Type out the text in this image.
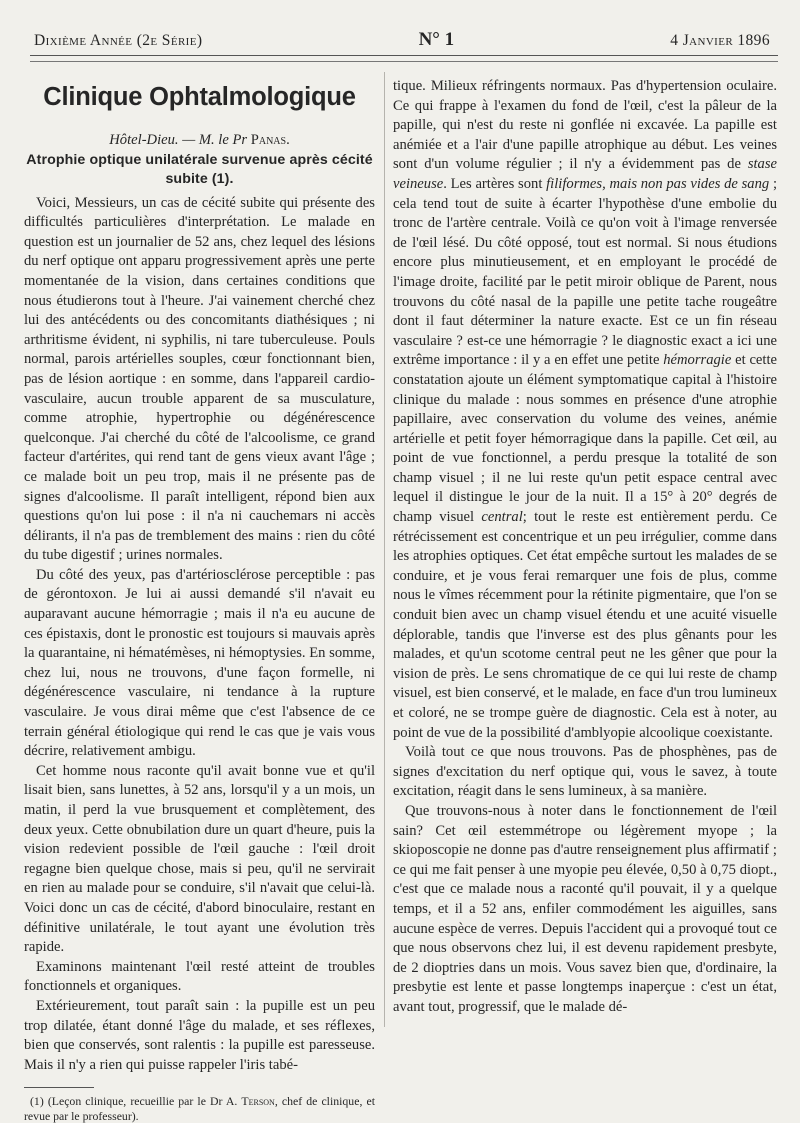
Dixième Année (2e Série)	N° 1	4 Janvier 1896
Clinique Ophtalmologique

Hôtel-Dieu. — M. le Pr Panas.

Atrophie optique unilatérale survenue après cécité subite (1).

Voici, Messieurs, un cas de cécité subite qui présente des difficultés particulières d'interprétation. Le malade en question est un journalier de 52 ans, chez lequel des lésions du nerf optique ont apparu progressivement après une perte momentanée de la vision, dans certaines conditions que nous étudierons tout à l'heure. J'ai vainement cherché chez lui des antécédents ou des concomitants diathésiques ; ni arthritisme évident, ni syphilis, ni tare tuberculeuse. Pouls normal, parois artérielles souples, cœur fonctionnant bien, pas de lésion aortique : en somme, dans l'appareil cardio-vasculaire, aucun trouble apparent de sa musculature, comme atrophie, hypertrophie ou dégénérescence quelconque. J'ai cherché du côté de l'alcoolisme, ce grand facteur d'artérites, qui rend tant de gens vieux avant l'âge ; ce malade boit un peu trop, mais il ne présente pas de signes d'alcoolisme. Il paraît intelligent, répond bien aux questions qu'on lui pose : il n'a ni cauchemars ni accès délirants, il n'a pas de tremblement des mains : rien du côté du tube digestif ; urines normales.

Du côté des yeux, pas d'artériosclérose perceptible : pas de gérontoxon. Je lui ai aussi demandé s'il n'avait eu auparavant aucune hémorragie ; mais il n'a eu aucune de ces épistaxis, dont le pronostic est toujours si mauvais après la quarantaine, ni hématémèses, ni hémoptysies. En somme, chez lui, nous ne trouvons, d'une façon formelle, ni dégénérescence vasculaire, ni tendance à la rupture vasculaire. Je vous dirai même que c'est l'absence de ce terrain général étiologique qui rend le cas que je vais vous décrire, relativement ambigu.

Cet homme nous raconte qu'il avait bonne vue et qu'il lisait bien, sans lunettes, à 52 ans, lorsqu'il y a un mois, un matin, il perd la vue brusquement et complètement, des deux yeux. Cette obnubilation dure un quart d'heure, puis la vision redevient possible de l'œil gauche : l'œil droit regagne bien quelque chose, mais si peu, qu'il ne servirait en rien au malade pour se conduire, s'il n'avait que celui-là. Voici donc un cas de cécité, d'abord binoculaire, restant en définitive unilatérale, le tout ayant une évolution très rapide.

Examinons maintenant l'œil resté atteint de troubles fonctionnels et organiques.

Extérieurement, tout paraît sain : la pupille est un peu trop dilatée, étant donné l'âge du malade, et ses réflexes, bien que conservés, sont ralentis : la pupille est paresseuse. Mais il n'y a rien qui puisse rappeler l'iris tabé-

(1) (Leçon clinique, recueillie par le Dr A. Terson, chef de clinique, et revue par le professeur).

tique. Milieux réfringents normaux. Pas d'hypertension oculaire. Ce qui frappe à l'examen du fond de l'œil, c'est la pâleur de la papille, qui n'est du reste ni gonflée ni excavée. La papille est anémiée et a l'air d'une papille atrophique au début. Les veines sont d'un volume régulier ; il n'y a évidemment pas de stase veineuse. Les artères sont filiformes, mais non pas vides de sang ; cela tend tout de suite à écarter l'hypothèse d'une embolie du tronc de l'artère centrale. Voilà ce qu'on voit à l'image renversée de l'œil lésé. Du côté opposé, tout est normal. Si nous étudions encore plus minutieusement, et en employant le procédé de l'image droite, facilité par le petit miroir oblique de Parent, nous trouvons du côté nasal de la papille une petite tache rougeâtre dont il faut déterminer la nature exacte. Est ce un fin réseau vasculaire ? est-ce une hémorragie ? le diagnostic exact a ici une extrême importance : il y a en effet une petite hémorragie et cette constatation ajoute un élément symptomatique capital à l'histoire clinique du malade : nous sommes en présence d'une atrophie papillaire, avec conservation du volume des veines, anémie artérielle et petit foyer hémorragique dans la papille. Cet œil, au point de vue fonctionnel, a perdu presque la totalité de son champ visuel ; il ne lui reste qu'un petit espace central avec lequel il distingue le jour de la nuit. Il a 15° à 20° degrés de champ visuel central; tout le reste est entièrement perdu. Ce rétrécissement est concentrique et un peu irrégulier, comme dans les atrophies optiques. Cet état empêche surtout les malades de se conduire, et je vous ferai remarquer une fois de plus, comme nous le vîmes récemment pour la rétinite pigmentaire, que l'on se conduit bien avec un champ visuel étendu et une acuité visuelle déplorable, tandis que l'inverse est des plus gênants pour les malades, et qu'un scotome central peut ne les gêner que pour la vision de près. Le sens chromatique de ce qui lui reste de champ visuel, est bien conservé, et le malade, en face d'un trou lumineux et coloré, ne se trompe guère de diagnostic. Cela est à noter, au point de vue de la possibilité d'amblyopie alcoolique coexistante.

Voilà tout ce que nous trouvons. Pas de phosphènes, pas de signes d'excitation du nerf optique qui, vous le savez, à toute excitation, réagit dans le sens lumineux, à sa manière.

Que trouvons-nous à noter dans le fonctionnement de l'œil sain? Cet œil estemmétrope ou légèrement myope ; la skioposcopie ne donne pas d'autre renseignement plus affirmatif ; ce qui me fait penser à une myopie peu élevée, 0,50 à 0,75 diopt., c'est que ce malade nous a raconté qu'il pouvait, il y a quelque temps, et il a 52 ans, enfiler commodément les aiguilles, sans aucune espèce de verres. Depuis l'accident qui a provoqué tout ce que nous observons chez lui, il est devenu rapidement presbyte, de 2 dioptries dans un mois. Vous savez bien que, d'ordinaire, la presbytie est lente et passe longtemps inaperçue : c'est un état, avant tout, progressif, que le malade dé-
